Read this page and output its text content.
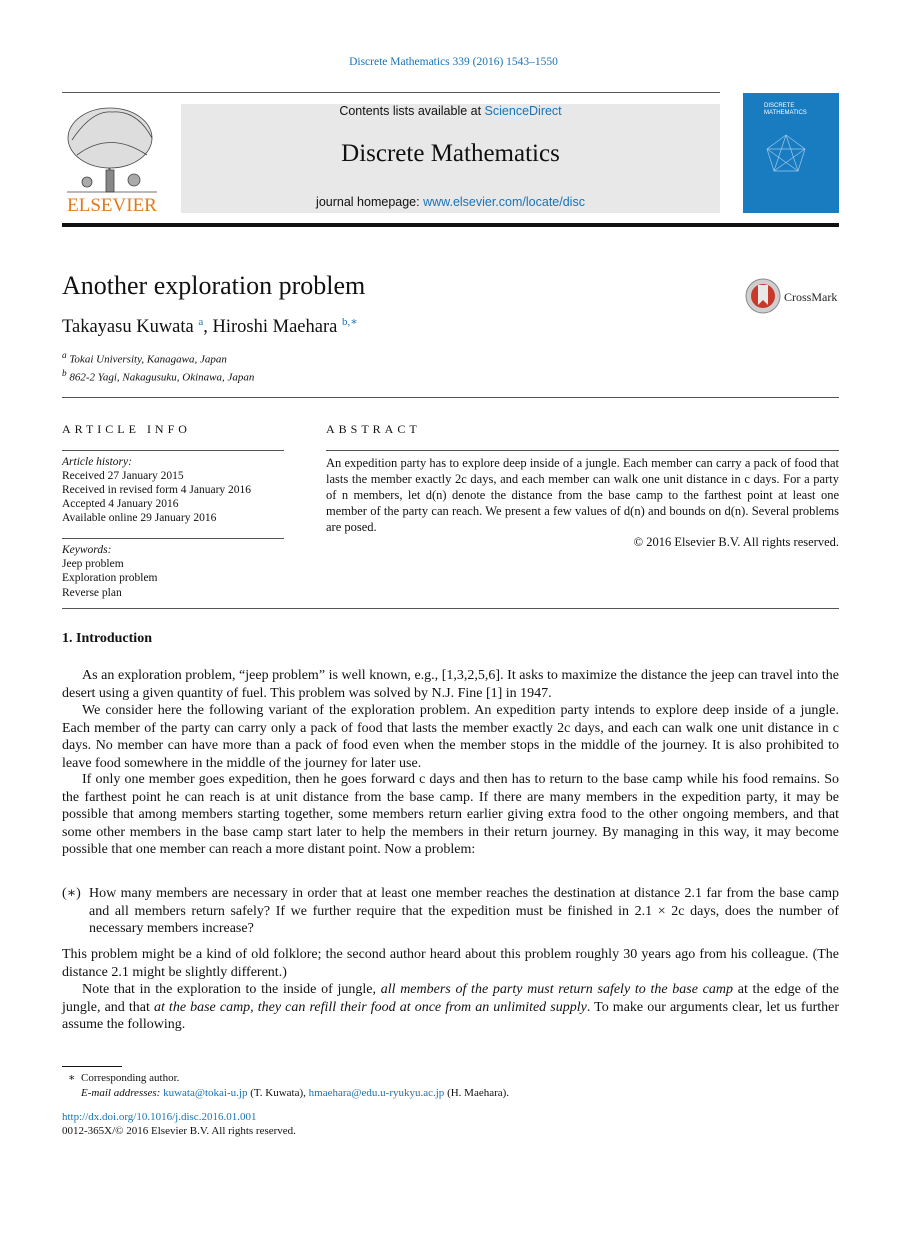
Discrete Mathematics 339 (2016) 1543–1550
ELSEVIER
Contents lists available at ScienceDirect
Discrete Mathematics
journal homepage: www.elsevier.com/locate/disc
DISCRETE MATHEMATICS
Another exploration problem	CrossMark
Takayasu Kuwata $^a$, Hiroshi Maehara $^{b,∗}$
$^a$ Tokai University, Kanagawa, Japan
$^b$ 862-2 Yagi, Nakagusuku, Okinawa, Japan
ARTICLE INFO
Article history:
Received 27 January 2015
Received in revised form 4 January 2016
Accepted 4 January 2016
Available online 29 January 2016
Keywords:
Jeep problem
Exploration problem
Reverse plan
ABSTRACT
An expedition party has to explore deep inside of a jungle. Each member can carry a pack of food that lasts the member exactly 2c days, and each member can walk one unit distance in c days. For a party of n members, let d(n) denote the distance from the base camp to the farthest point at least one member of the party can reach. We present a few values of d(n) and bounds on d(n). Several problems are posed.
© 2016 Elsevier B.V. All rights reserved.
1. Introduction
As an exploration problem, “jeep problem” is well known, e.g., [1,3,2,5,6]. It asks to maximize the distance the jeep can travel into the desert using a given quantity of fuel. This problem was solved by N.J. Fine [1] in 1947.
We consider here the following variant of the exploration problem. An expedition party intends to explore deep inside of a jungle. Each member of the party can carry only a pack of food that lasts the member exactly 2c days, and each can walk one unit distance in c days. No member can have more than a pack of food even when the member stops in the middle of the journey. It is also prohibited to leave food somewhere in the middle of the journey for later use.
If only one member goes expedition, then he goes forward c days and then has to return to the base camp while his food remains. So the farthest point he can reach is at unit distance from the base camp. If there are many members in the expedition party, it may be possible that among members starting together, some members return earlier giving extra food to the other ongoing members, and that some other members in the base camp start later to help the members in their return journey. By managing in this way, it may become possible that one member can reach a more distant point. Now a problem:
(∗) How many members are necessary in order that at least one member reaches the destination at distance 2.1 far from the base camp and all members return safely? If we further require that the expedition must be finished in 2.1 × 2c days, does the number of necessary members increase?
This problem might be a kind of old folklore; the second author heard about this problem roughly 30 years ago from his colleague. (The distance 2.1 might be slightly different.)
Note that in the exploration to the inside of jungle, all members of the party must return safely to the base camp at the edge of the jungle, and that at the base camp, they can refill their food at once from an unlimited supply. To make our arguments clear, let us further assume the following.
∗ Corresponding author.
E-mail addresses: kuwata@tokai-u.jp (T. Kuwata), hmaehara@edu.u-ryukyu.ac.jp (H. Maehara).
http://dx.doi.org/10.1016/j.disc.2016.01.001
0012-365X/© 2016 Elsevier B.V. All rights reserved.
